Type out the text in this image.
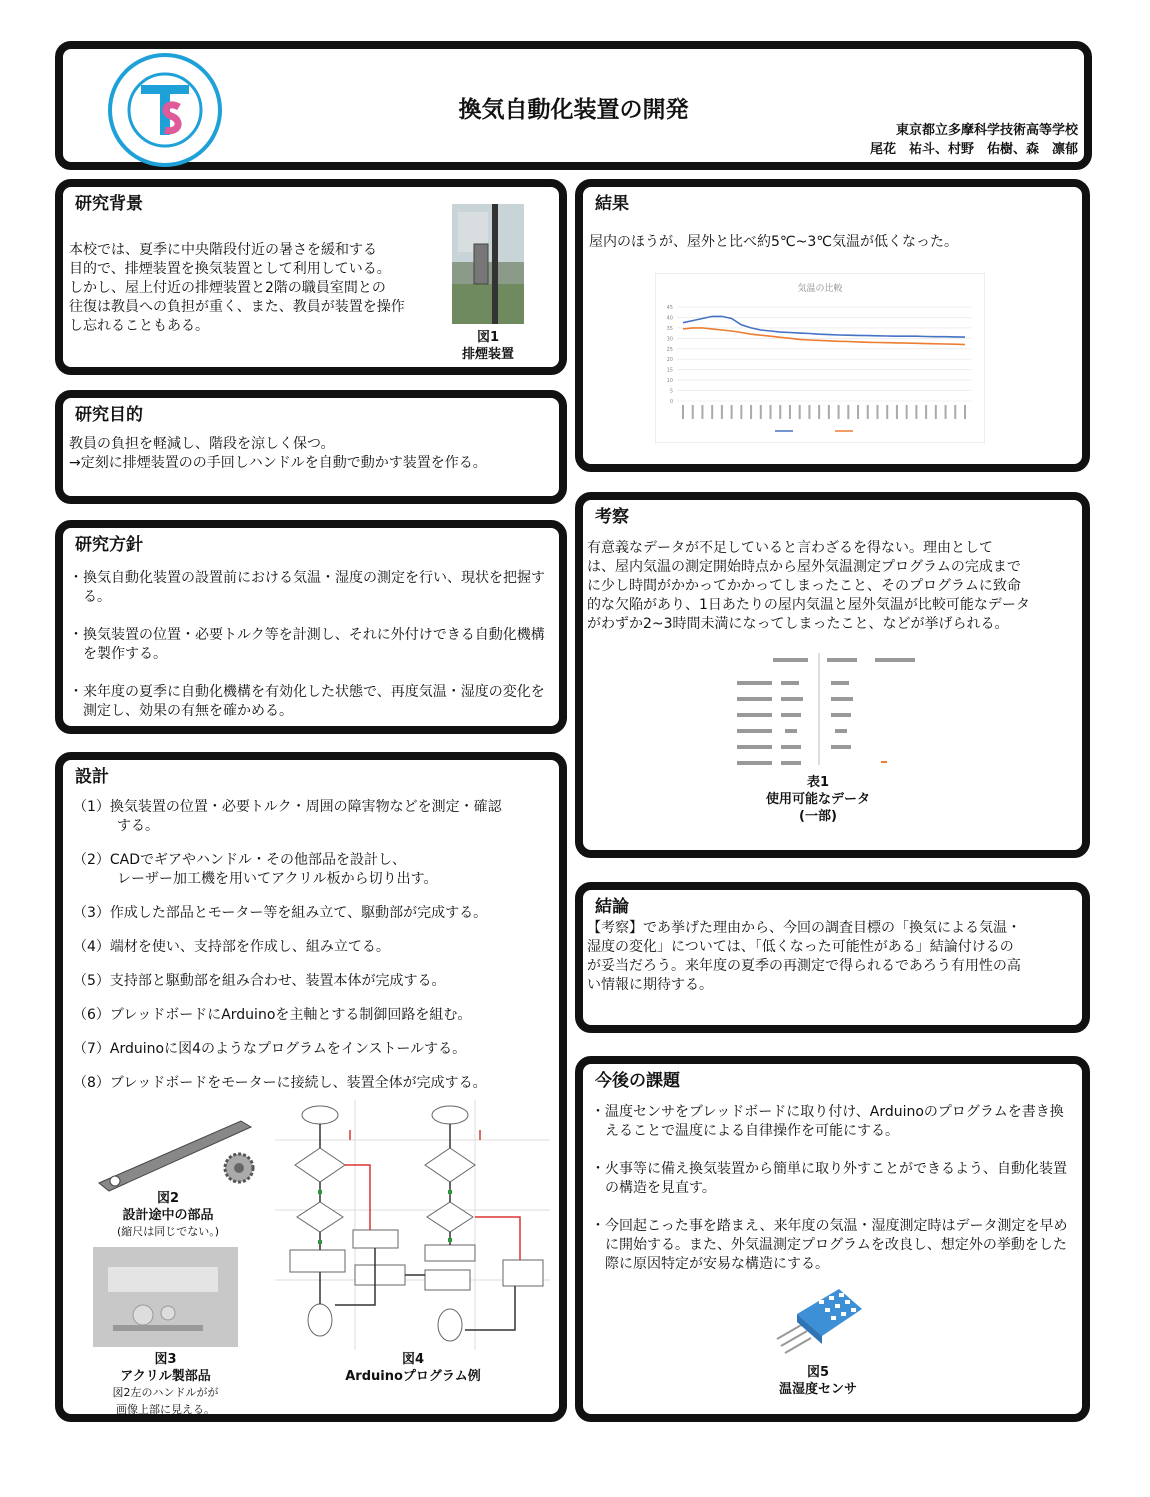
換気自動化装置の開発
東京都立多摩科学技術高等学校
尾花　祐斗、村野　佑樹、森　凛郁
研究背景
本校では、夏季に中央階段付近の暑さを緩和する
目的で、排煙装置を換気装置として利用している。
しかし、屋上付近の排煙装置と2階の職員室間との
往復は教員への負担が重く、また、教員が装置を操作
し忘れることもある。
図1
排煙装置
研究目的
教員の負担を軽減し、階段を涼しく保つ。
→定刻に排煙装置のの手回しハンドルを自動で動かす装置を作る。
研究方針
・換気自動化装置の設置前における気温・湿度の測定を行い、現状を把握する。
・換気装置の位置・必要トルク等を計測し、それに外付けできる自動化機構を製作する。
・来年度の夏季に自動化機構を有効化した状態で、再度気温・湿度の変化を測定し、効果の有無を確かめる。
設計
（1）換気装置の位置・必要トルク・周囲の障害物などを測定・確認
する。
（2）CADでギアやハンドル・その他部品を設計し、
レーザー加工機を用いてアクリル板から切り出す。
（3）作成した部品とモーター等を組み立て、駆動部が完成する。
（4）端材を使い、支持部を作成し、組み立てる。
（5）支持部と駆動部を組み合わせ、装置本体が完成する。
（6）ブレッドボードにArduinoを主軸とする制御回路を組む。
（7）Arduinoに図4のようなプログラムをインストールする。
（8）ブレッドボードをモーターに接続し、装置全体が完成する。
図2
設計途中の部品
(縮尺は同じでない。)
図3
アクリル製部品
図2左のハンドルがが
画像上部に見える。
図4
Arduinoプログラム例
結果
屋内のほうが、屋外と比べ約5℃~3℃気温が低くなった。
気温の比較
45
40
35
30
25
20
15
10
5
0
考察
有意義なデータが不足していると言わざるを得ない。理由として
は、屋内気温の測定開始時点から屋外気温測定プログラムの完成まで
に少し時間がかかってかかってしまったこと、そのプログラムに致命
的な欠陥があり、1日あたりの屋内気温と屋外気温が比較可能なデータ
がわずか2~3時間未満になってしまったこと、などが挙げられる。
表1
使用可能なデータ
(一部)
結論
【考察】であ挙げた理由から、今回の調査目標の「換気による気温・
湿度の変化」については、「低くなった可能性がある」結論付けるの
が妥当だろう。来年度の夏季の再測定で得られるであろう有用性の高
い情報に期待する。
今後の課題
・温度センサをブレッドボードに取り付け、Arduinoのプログラムを書き換えることで温度による自律操作を可能にする。
・火事等に備え換気装置から簡単に取り外すことができるよう、自動化装置の構造を見直す。
・今回起こった事を踏まえ、来年度の気温・湿度測定時はデータ測定を早めに開始する。また、外気温測定プログラムを改良し、想定外の挙動をした際に原因特定が安易な構造にする。
図5
温湿度センサ
